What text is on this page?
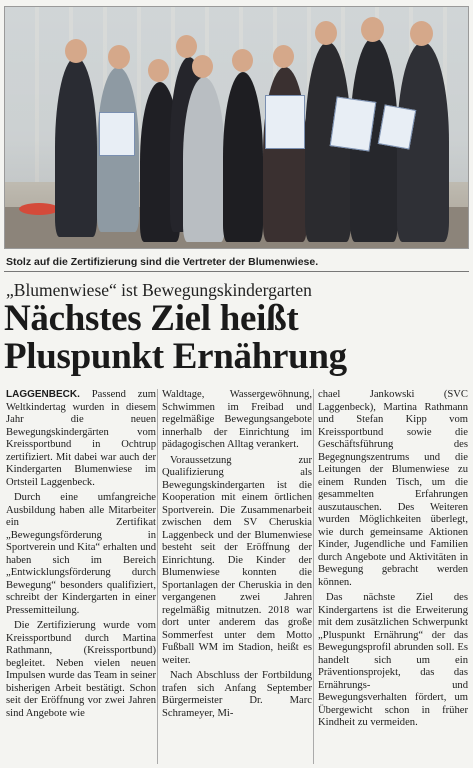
Stolz auf die Zertifizierung sind die Vertreter der Blumenwiese.
„Blumenwiese“ ist Bewegungskindergarten
Nächstes Ziel heißt
Pluspunkt Ernährung

LAGGENBECK. Passend zum Weltkindertag wurden in diesem Jahr die neuen Bewegungskindergärten vom Kreissportbund in Ochtrup zertifiziert. Mit dabei war auch der Kindergarten Blumenwiese im Ortsteil Laggenbeck.

Durch eine umfangreiche Ausbildung haben alle Mitarbeiter ein Zertifikat „Bewegungsförderung in Sportverein und Kita“ erhalten und haben sich im Bereich „Entwicklungsförderung durch Bewegung“ besonders qualifiziert, schreibt der Kindergarten in einer Pressemitteilung.

Die Zertifizierung wurde vom Kreissportbund durch Martina Rathmann, (Kreissportbund) begleitet. Neben vielen neuen Impulsen wurde das Team in seiner bisherigen Arbeit bestätigt. Schon seit der Eröffnung vor zwei Jahren sind Angebote wie

Waldtage, Wassergewöhnung, Schwimmen im Freibad und regelmäßige Bewegungsangebote innerhalb der Einrichtung im pädagogischen Alltag verankert.

Voraussetzung zur Qualifizierung als Bewegungskindergarten ist die Kooperation mit einem örtlichen Sportverein. Die Zusammenarbeit zwischen dem SV Cheruskia Laggenbeck und der Blumenwiese besteht seit der Eröffnung der Einrichtung. Die Kinder der Blumenwiese konnten die Sportanlagen der Cheruskia in den vergangenen zwei Jahren regelmäßig mitnutzen. 2018 war dort unter anderem das große Sommerfest unter dem Motto Fußball WM im Stadion, heißt es weiter.

Nach Abschluss der Fortbildung trafen sich Anfang September Bürgermeister Dr. Marc Schrameyer, Mi-

chael Jankowski (SVC Laggenbeck), Martina Rathmann und Stefan Kipp vom Kreissportbund sowie die Geschäftsführung des Begegnungszentrums und die Leitungen der Blumenwiese zu einem Runden Tisch, um die gesammelten Erfahrungen auszutauschen. Des Weiteren wurden Möglichkeiten überlegt, wie durch gemeinsame Aktionen Kinder, Jugendliche und Familien durch Angebote und Aktivitäten in Bewegung gebracht werden können.

Das nächste Ziel des Kindergartens ist die Erweiterung mit dem zusätzlichen Schwerpunkt „Pluspunkt Ernährung“ der das Bewegungsprofil abrunden soll. Es handelt sich um ein Präventionsprojekt, das das Ernährungs- und Bewegungsverhalten fördert, um Übergewicht schon in früher Kindheit zu vermeiden.
